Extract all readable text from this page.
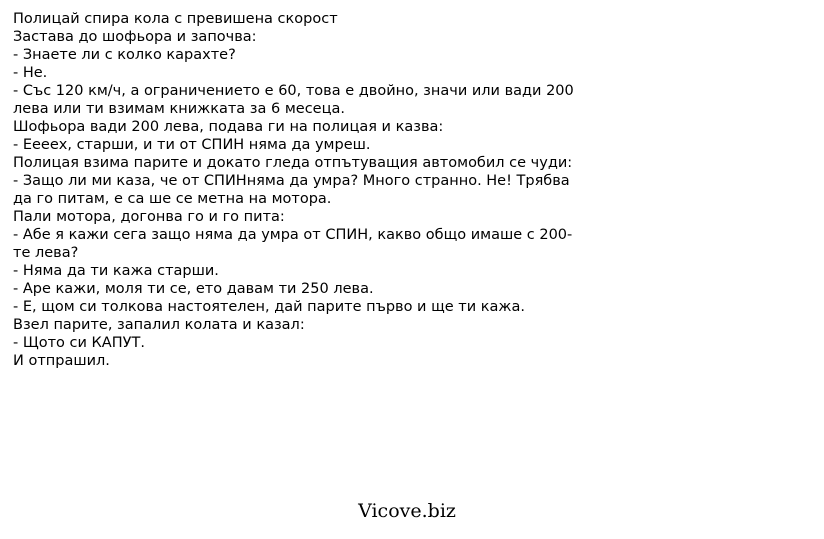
Полицай спира кола с превишена скорост
Застава до шофьора и започва:
- Знаете ли с колко карахте?
- Не.
- Със 120 км/ч, а ограничението е 60, това е двойно, значи или вади 200 лева или ти взимам книжката за 6 месеца.
Шофьора вади 200 лева, подава ги на полицая и казва:
- Еееех, старши, и ти от СПИН няма да умреш.
Полицая взима парите и докато гледа отпътуващия автомобил се чуди:
- Защо ли ми каза, че от СПИНняма да умра? Много странно. Не! Трябва да го питам, е са ше се метна на мотора.
Пали мотора, догонва го и го пита:
- Абе я кажи сега защо няма да умра от СПИН, какво общо имаше с 200-те лева?
- Няма да ти кажа старши.
- Аре кажи, моля ти се, ето давам ти 250 лева.
- Е, щом си толкова настоятелен, дай парите първо и ще ти кажа.
Взел парите, запалил колата и казал:
- Щото си КАПУТ.
И отпрашил.
Vicove.biz
